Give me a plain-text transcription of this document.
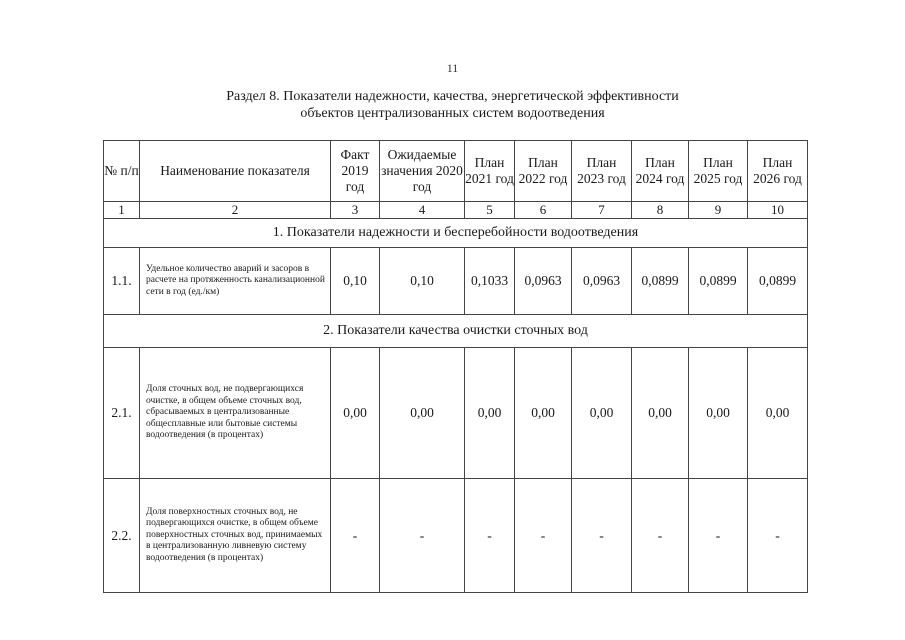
11
Раздел 8. Показатели надежности, качества, энергетической эффективности
объектов централизованных систем водоотведения
№ п/п	Наименование показателя	Факт 2019 год	Ожидаемые значения 2020 год	План 2021 год	План 2022 год	План 2023 год	План 2024 год	План 2025 год	План 2026 год
1	2	3	4	5	6	7	8	9	10
1. Показатели надежности и бесперебойности водоотведения									
1.1.	Удельное количество аварий и засоров в расчете на протяженность канализационной сети в год (ед./км)	0,10	0,10	0,1033	0,0963	0,0963	0,0899	0,0899	0,0899
2. Показатели качества очистки сточных вод									
2.1.	Доля сточных вод, не подвергающихся очистке, в общем объеме сточных вод, сбрасываемых в централизованные общесплавные или бытовые системы водоотведения (в процентах)	0,00	0,00	0,00	0,00	0,00	0,00	0,00	0,00
2.2.	Доля поверхностных сточных вод, не подвергающихся очистке, в общем объеме поверхностных сточных вод, принимаемых в централизованную ливневую систему водоотведения (в процентах)	-	-	-	-	-	-	-	-
